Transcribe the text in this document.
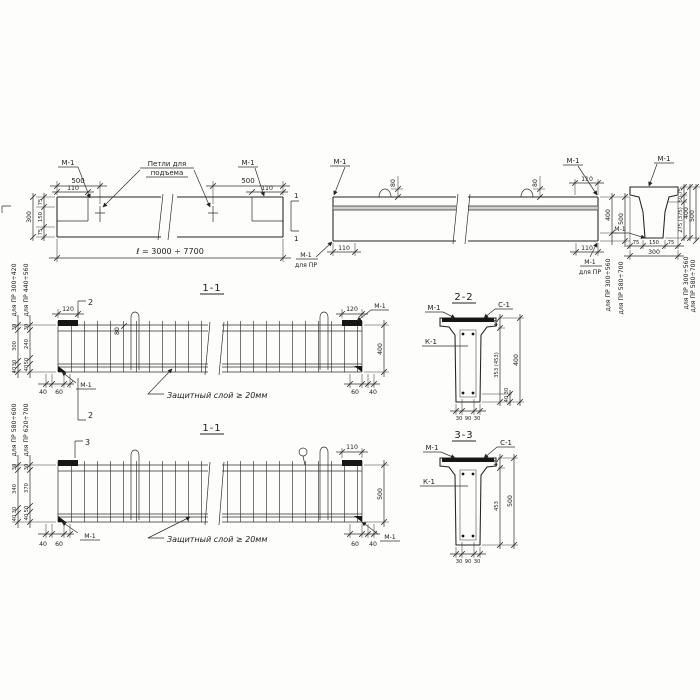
М-1	М-1
Петли для
подъема
500	500
110	110
75
150
75
300
ℓ = 3000 ÷ 7700
1
1
80	80	110
М-1	М-1
110
М-1
для ПР
110
М-1
для ПР
400 500
для ПР 300÷560 для ПР 580÷700
М-1
М-1
75 150 75
300
75
50
275 (375) 400 500
для ПР 300÷560 для ПР 580÷700
1-1
2
2
120	120
80
М-1
М-1
400
40 60	60 40
Защитный слой ≥ 20мм
для ПР 300÷420 для ПР 440÷560
30
300
30
40
30
240
50
40
1-1
3
110
М-1	М-1
500
40 60	60 40
Защитный слой ≥ 20мм
для ПР 580÷600 для ПР 620÷700
30
340
30
40
30
370
50
40
2-2
М-1	С-1
К-1
30 90 30
47
353 (453)
30
40
400
3-3
М-1
С-1
К-1
30 90 30
47
453 500
